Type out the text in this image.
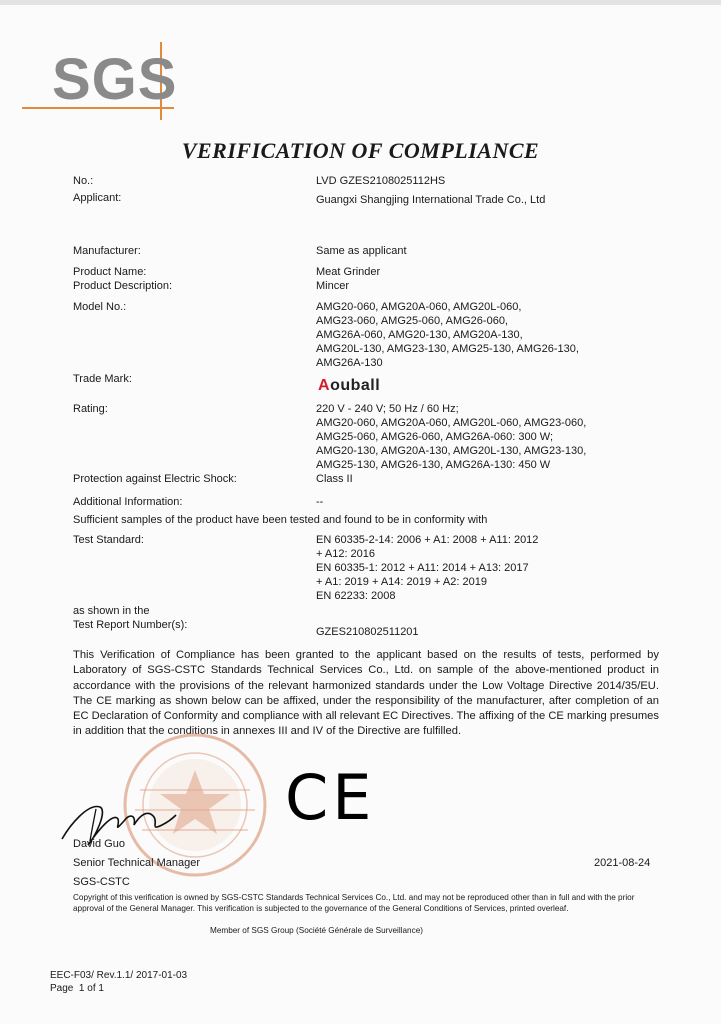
SGS
VERIFICATION OF COMPLIANCE
No.:	LVD GZES2108025112HS
Applicant:	Guangxi Shangjing International Trade Co., Ltd
Manufacturer:	Same as applicant
Product Name:	Meat Grinder
Product Description:	Mincer
Model No.:	AMG20-060, AMG20A-060, AMG20L-060,
AMG23-060, AMG25-060, AMG26-060,
AMG26A-060, AMG20-130, AMG20A-130,
AMG20L-130, AMG23-130, AMG25-130, AMG26-130,
AMG26A-130
Trade Mark:	Aouball
Rating:	220 V - 240 V; 50 Hz / 60 Hz;
AMG20-060, AMG20A-060, AMG20L-060, AMG23-060,
AMG25-060, AMG26-060, AMG26A-060: 300 W;
AMG20-130, AMG20A-130, AMG20L-130, AMG23-130,
AMG25-130, AMG26-130, AMG26A-130: 450 W
Protection against Electric Shock:	Class II
Additional Information:	--
Sufficient samples of the product have been tested and found to be in conformity with
Test Standard:	EN 60335-2-14: 2006 + A1: 2008 + A11: 2012
+ A12: 2016
EN 60335-1: 2012 + A11: 2014 + A13: 2017
+ A1: 2019 + A14: 2019 + A2: 2019
EN 62233: 2008
as shown in the
Test Report Number(s):
GZES210802511201
This Verification of Compliance has been granted to the applicant based on the results of tests, performed by Laboratory of SGS-CSTC Standards Technical Services Co., Ltd. on sample of the above-mentioned product in accordance with the provisions of the relevant harmonized standards under the Low Voltage Directive 2014/35/EU. The CE marking as shown below can be affixed, under the responsibility of the manufacturer, after completion of an EC Declaration of Conformity and compliance with all relevant EC Directives. The affixing of the CE marking presumes in addition that the conditions in annexes III and IV of the Directive are fulfilled.
CE
David Guo
Senior Technical Manager
SGS-CSTC
2021-08-24
Copyright of this verification is owned by SGS-CSTC Standards Technical Services Co., Ltd. and may not be reproduced other than in full and with the prior approval of the General Manager. This verification is subjected to the governance of the General Conditions of Services, printed overleaf.
Member of SGS Group (Société Générale de Surveillance)
EEC-F03/ Rev.1.1/ 2017-01-03
Page  1 of 1
